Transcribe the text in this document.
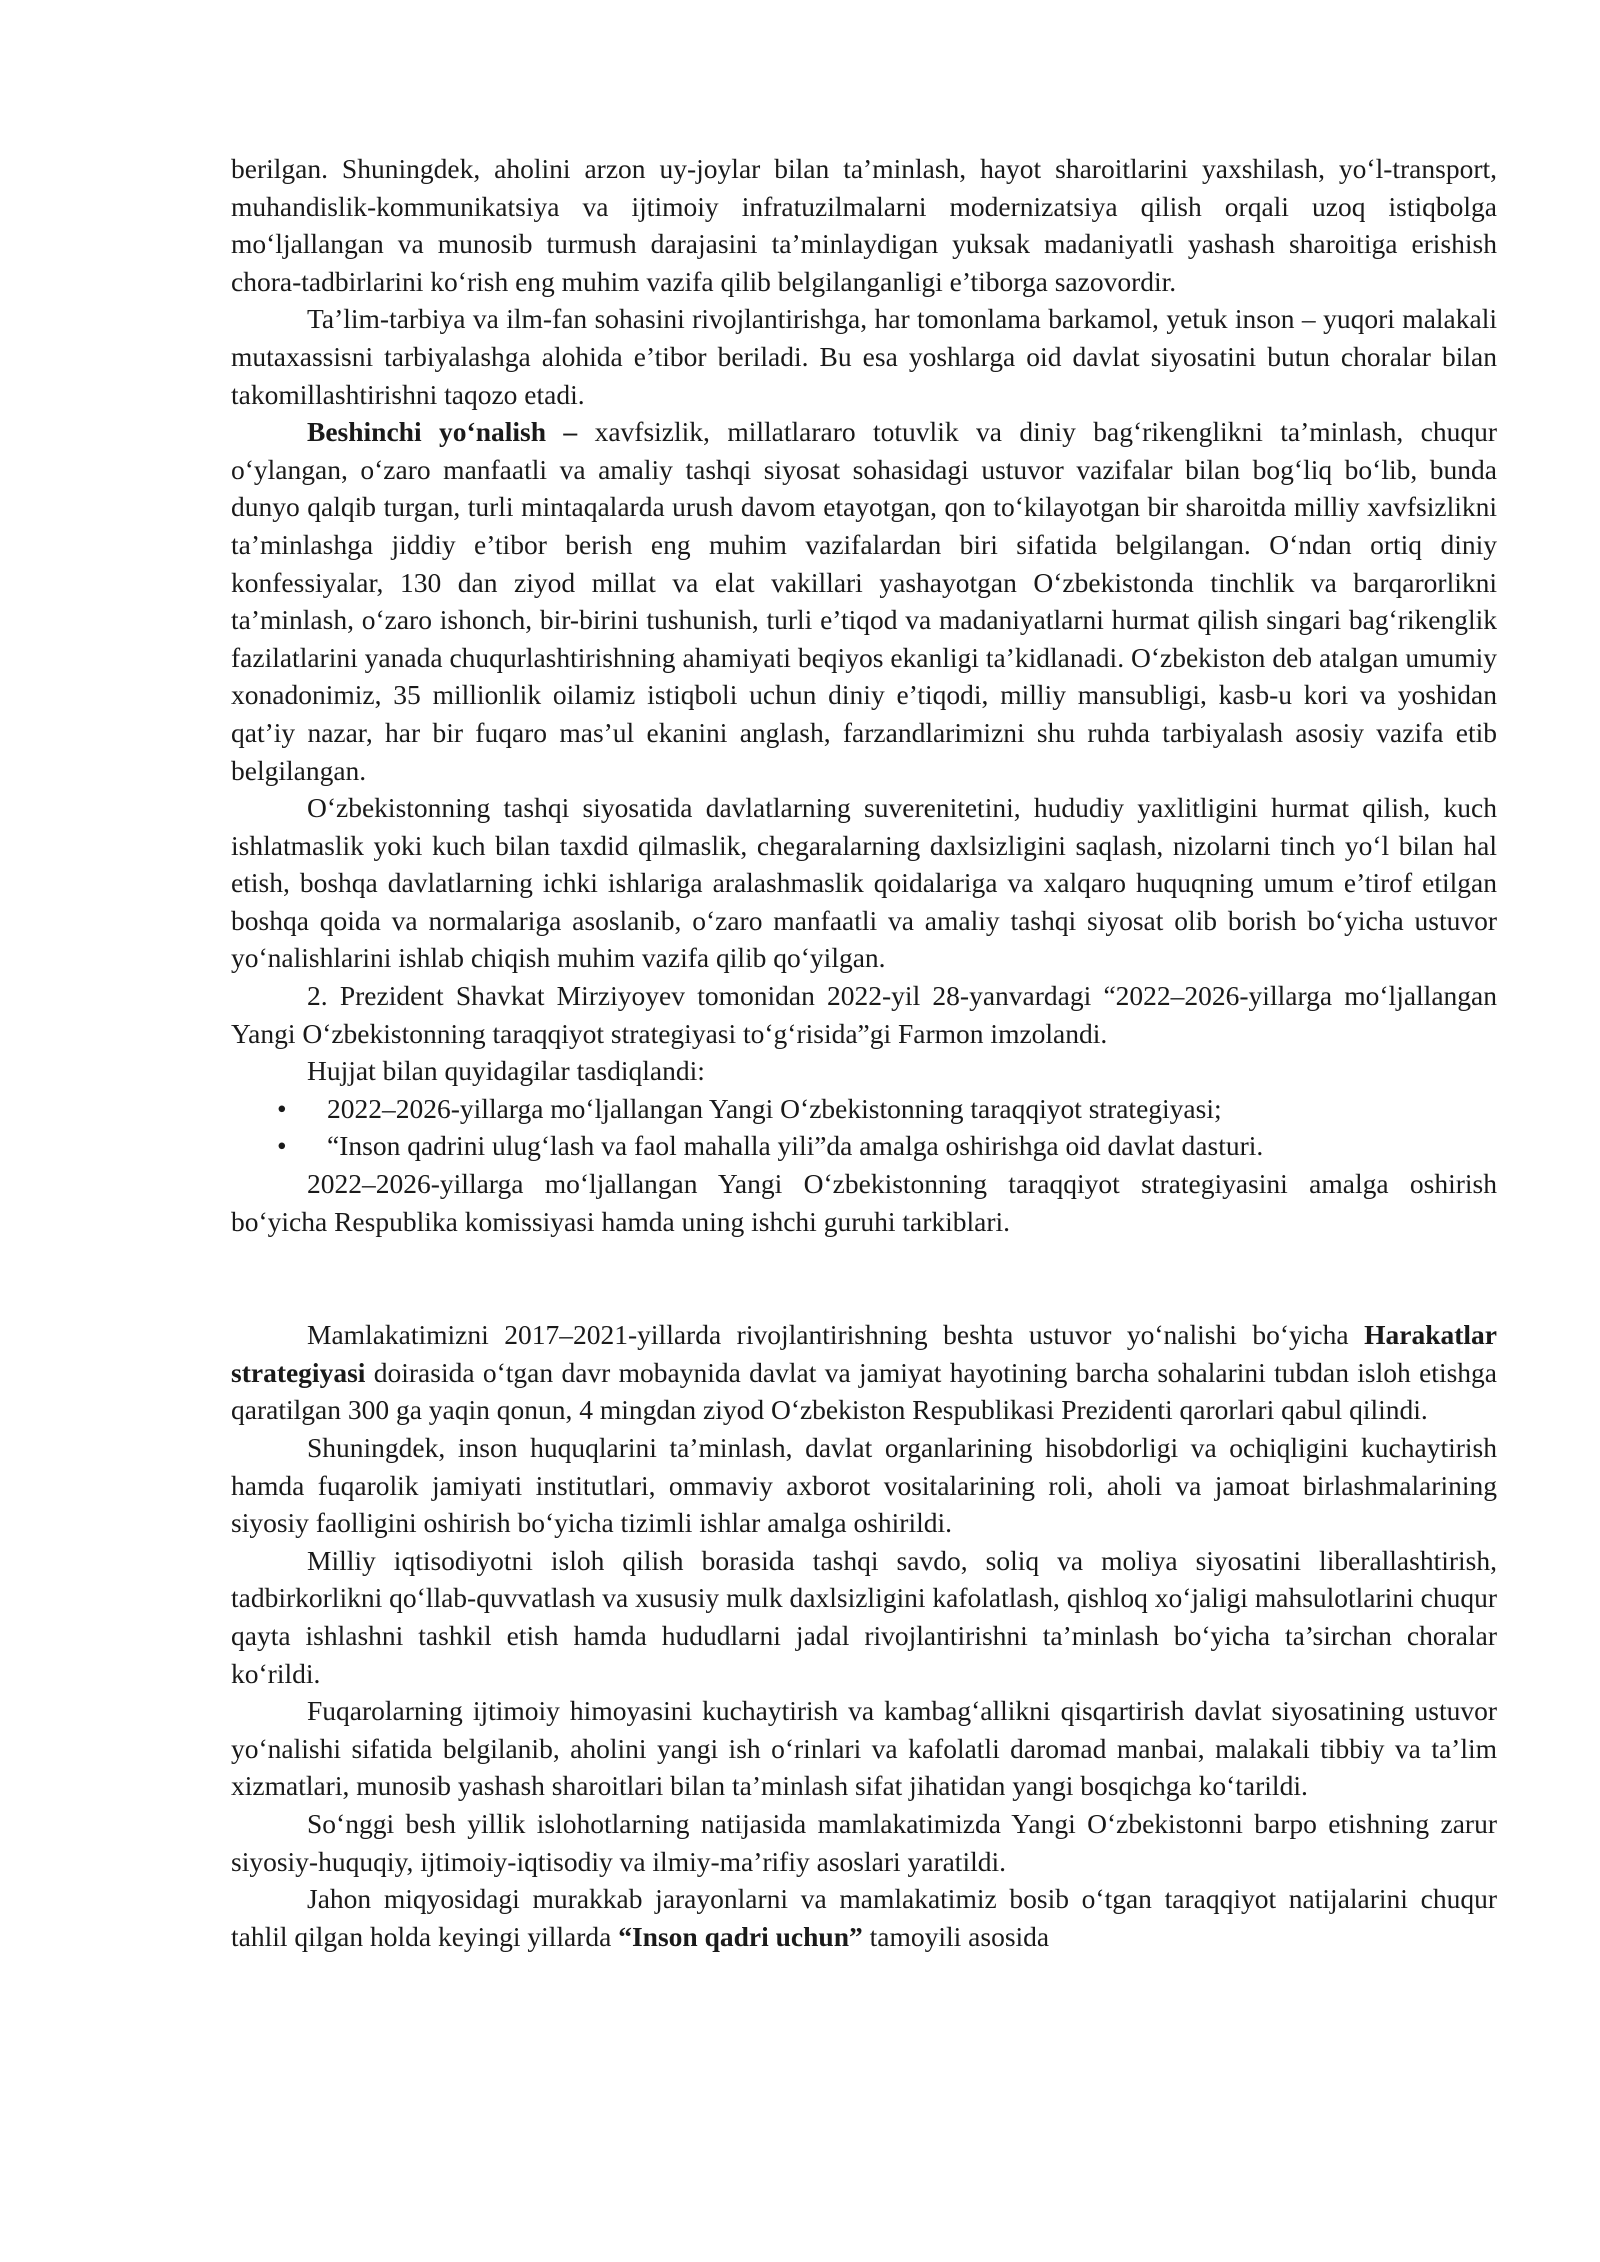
berilgan. Shuningdek, aholini arzon uy-joylar bilan ta’minlash, hayot sharoitlarini yaxshilash, yo‘l-transport, muhandislik-kommunikatsiya va ijtimoiy infratuzilmalarni modernizatsiya qilish orqali uzoq istiqbolga mo‘ljallangan va munosib turmush darajasini ta’minlaydigan yuksak madaniyatli yashash sharoitiga erishish chora-tadbirlarini ko‘rish eng muhim vazifa qilib belgilanganligi e’tiborga sazovordir.

Ta’lim-tarbiya va ilm-fan sohasini rivojlantirishga, har tomonlama barkamol, yetuk inson – yuqori malakali mutaxassisni tarbiyalashga alohida e’tibor beriladi. Bu esa yoshlarga oid davlat siyosatini butun choralar bilan takomillashtirishni taqozo etadi.

Beshinchi yo‘nalish – xavfsizlik, millatlararo totuvlik va diniy bag‘rikenglikni ta’minlash, chuqur o‘ylangan, o‘zaro manfaatli va amaliy tashqi siyosat sohasidagi ustuvor vazifalar bilan bog‘liq bo‘lib, bunda dunyo qalqib turgan, turli mintaqalarda urush davom etayotgan, qon to‘kilayotgan bir sharoitda milliy xavfsizlikni ta’minlashga jiddiy e’tibor berish eng muhim vazifalardan biri sifatida belgilangan. O‘ndan ortiq diniy konfessiyalar, 130 dan ziyod millat va elat vakillari yashayotgan O‘zbekistonda tinchlik va barqarorlikni ta’minlash, o‘zaro ishonch, bir-birini tushunish, turli e’tiqod va madaniyatlarni hurmat qilish singari bag‘rikenglik fazilatlarini yanada chuqurlashtirishning ahamiyati beqiyos ekanligi ta’kidlanadi. O‘zbekiston deb atalgan umumiy xonadonimiz, 35 millionlik oilamiz istiqboli uchun diniy e’tiqodi, milliy mansubligi, kasb-u kori va yoshidan qat’iy nazar, har bir fuqaro mas’ul ekanini anglash, farzandlarimizni shu ruhda tarbiyalash asosiy vazifa etib belgilangan.

O‘zbekistonning tashqi siyosatida davlatlarning suverenitetini, hududiy yaxlitligini hurmat qilish, kuch ishlatmaslik yoki kuch bilan taxdid qilmaslik, chegaralarning daxlsizligini saqlash, nizolarni tinch yo‘l bilan hal etish, boshqa davlatlarning ichki ishlariga aralashmaslik qoidalariga va xalqaro huquqning umum e’tirof etilgan boshqa qoida va normalariga asoslanib, o‘zaro manfaatli va amaliy tashqi siyosat olib borish bo‘yicha ustuvor yo‘nalishlarini ishlab chiqish muhim vazifa qilib qo‘yilgan.

2. Prezident Shavkat Mirziyoyev tomonidan 2022-yil 28-yanvardagi “2022–2026-yillarga mo‘ljallangan Yangi O‘zbekistonning taraqqiyot strategiyasi to‘g‘risida”gi Farmon imzolandi.

Hujjat bilan quyidagilar tasdiqlandi:

• 2022–2026-yillarga mo‘ljallangan Yangi O‘zbekistonning taraqqiyot strategiyasi;
• “Inson qadrini ulug‘lash va faol mahalla yili”da amalga oshirishga oid davlat dasturi.

2022–2026-yillarga mo‘ljallangan Yangi O‘zbekistonning taraqqiyot strategiyasini amalga oshirish bo‘yicha Respublika komissiyasi hamda uning ishchi guruhi tarkiblari.

Mamlakatimizni 2017–2021-yillarda rivojlantirishning beshta ustuvor yo‘nalishi bo‘yicha Harakatlar strategiyasi doirasida o‘tgan davr mobaynida davlat va jamiyat hayotining barcha sohalarini tubdan isloh etishga qaratilgan 300 ga yaqin qonun, 4 mingdan ziyod O‘zbekiston Respublikasi Prezidenti qarorlari qabul qilindi.

Shuningdek, inson huquqlarini ta’minlash, davlat organlarining hisobdorligi va ochiqligini kuchaytirish hamda fuqarolik jamiyati institutlari, ommaviy axborot vositalarining roli, aholi va jamoat birlashmalarining siyosiy faolligini oshirish bo‘yicha tizimli ishlar amalga oshirildi.

Milliy iqtisodiyotni isloh qilish borasida tashqi savdo, soliq va moliya siyosatini liberallashtirish, tadbirkorlikni qo‘llab-quvvatlash va xususiy mulk daxlsizligini kafolatlash, qishloq xo‘jaligi mahsulotlarini chuqur qayta ishlashni tashkil etish hamda hududlarni jadal rivojlantirishni ta’minlash bo‘yicha ta’sirchan choralar ko‘rildi.

Fuqarolarning ijtimoiy himoyasini kuchaytirish va kambag‘allikni qisqartirish davlat siyosatining ustuvor yo‘nalishi sifatida belgilanib, aholini yangi ish o‘rinlari va kafolatli daromad manbai, malakali tibbiy va ta’lim xizmatlari, munosib yashash sharoitlari bilan ta’minlash sifat jihatidan yangi bosqichga ko‘tarildi.

So‘nggi besh yillik islohotlarning natijasida mamlakatimizda Yangi O‘zbekistonni barpo etishning zarur siyosiy-huquqiy, ijtimoiy-iqtisodiy va ilmiy-ma’rifiy asoslari yaratildi.

Jahon miqyosidagi murakkab jarayonlarni va mamlakatimiz bosib o‘tgan taraqqiyot natijalarini chuqur tahlil qilgan holda keyingi yillarda “Inson qadri uchun” tamoyili asosida
